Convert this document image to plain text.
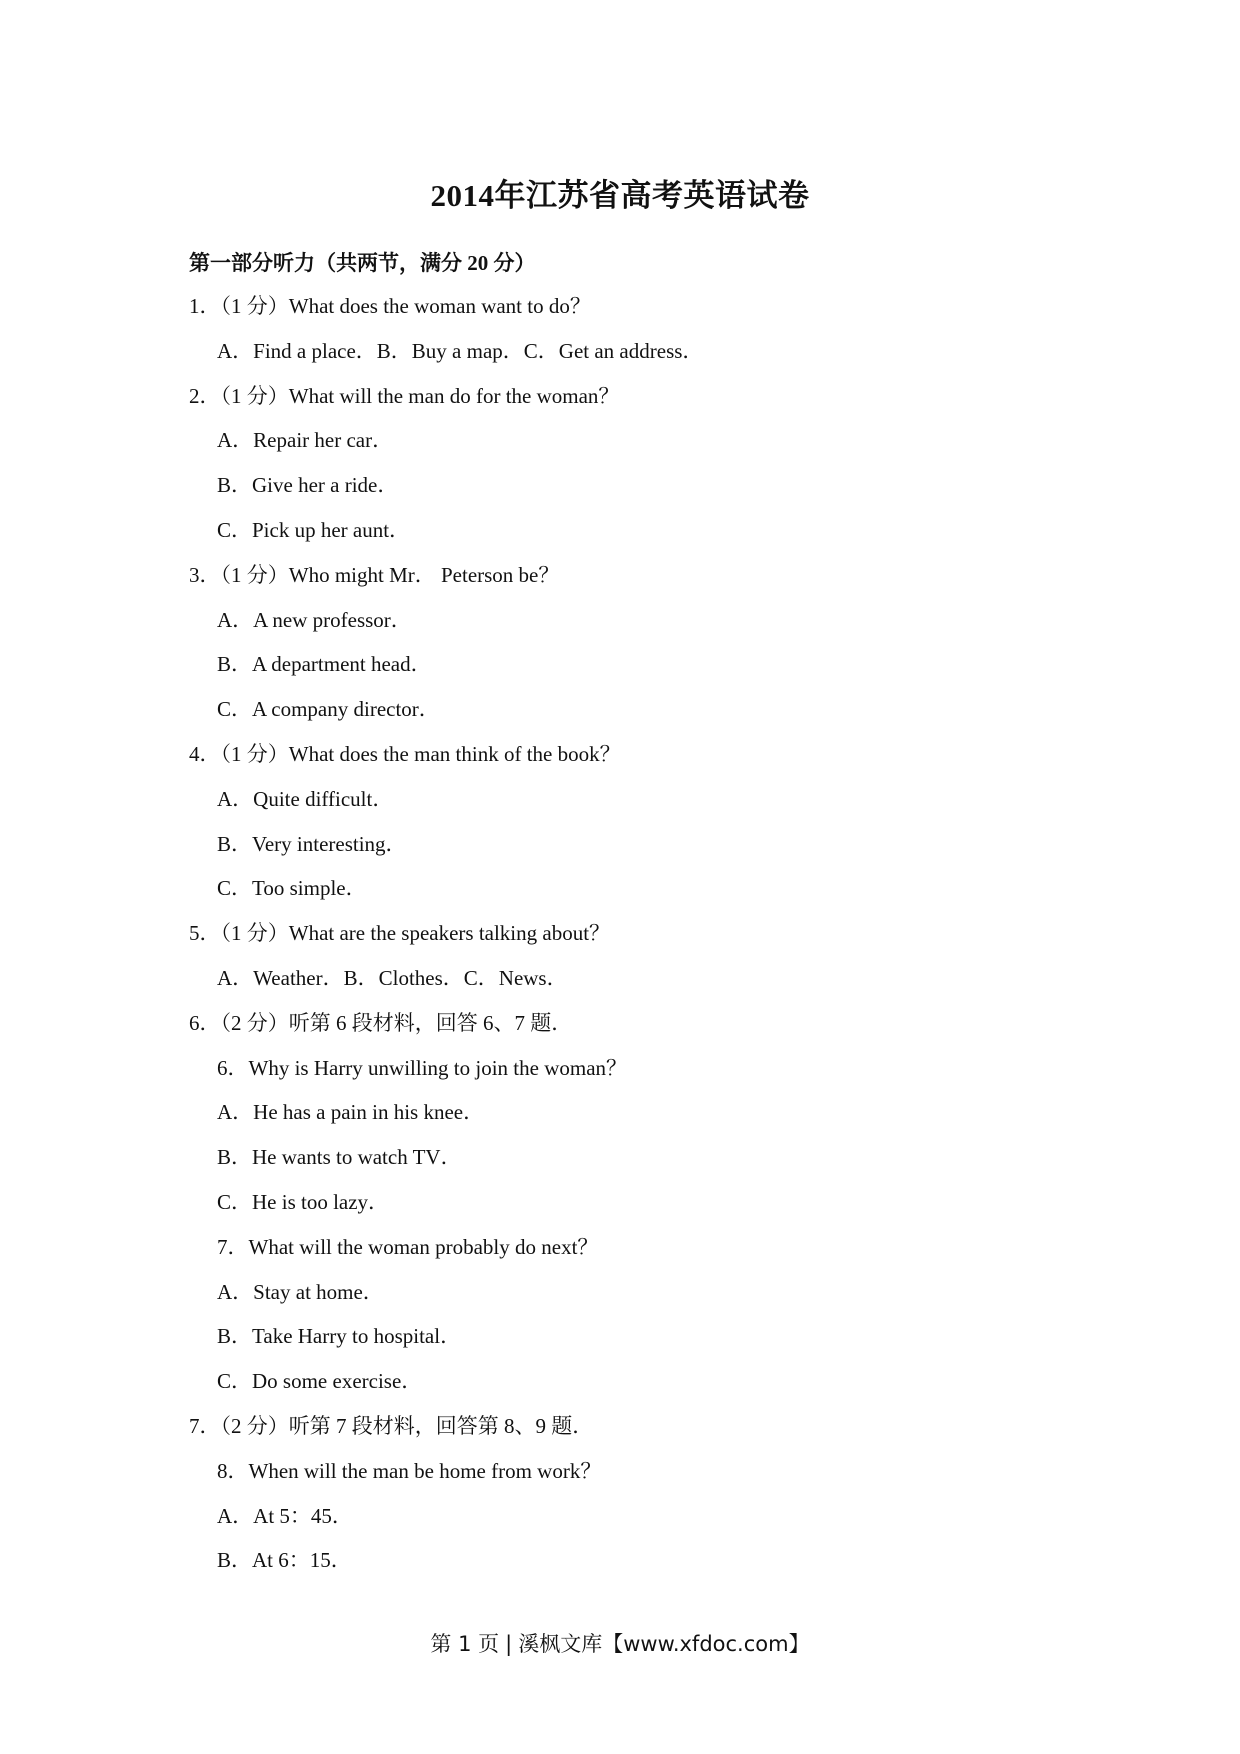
2014年江苏省高考英语试卷
第一部分听力（共两节，满分 20 分）
1．（1 分）What does the woman want to do？
A．Find a place．B．Buy a map．C．Get an address．
2．（1 分）What will the man do for the woman？
A．Repair her car．
B．Give her a ride．
C．Pick up her aunt．
3．（1 分）Who might Mr． Peterson be？
A．A new professor．
B．A department head．
C．A company director．
4．（1 分）What does the man think of the book？
A．Quite difficult．
B．Very interesting．
C．Too simple．
5．（1 分）What are the speakers talking about？
A．Weather．B．Clothes．C．News．
6．（2 分）听第 6 段材料，回答 6、7 题．
6．Why is Harry unwilling to join the woman？
A．He has a pain in his knee．
B．He wants to watch TV．
C．He is too lazy．
7．What will the woman probably do next？
A．Stay at home．
B．Take Harry to hospital．
C．Do some exercise．
7．（2 分）听第 7 段材料，回答第 8、9 题．
8．When will the man be home from work？
A．At 5：45．
B．At 6：15．
第 1 页 | 溪枫文库【www.xfdoc.com】
